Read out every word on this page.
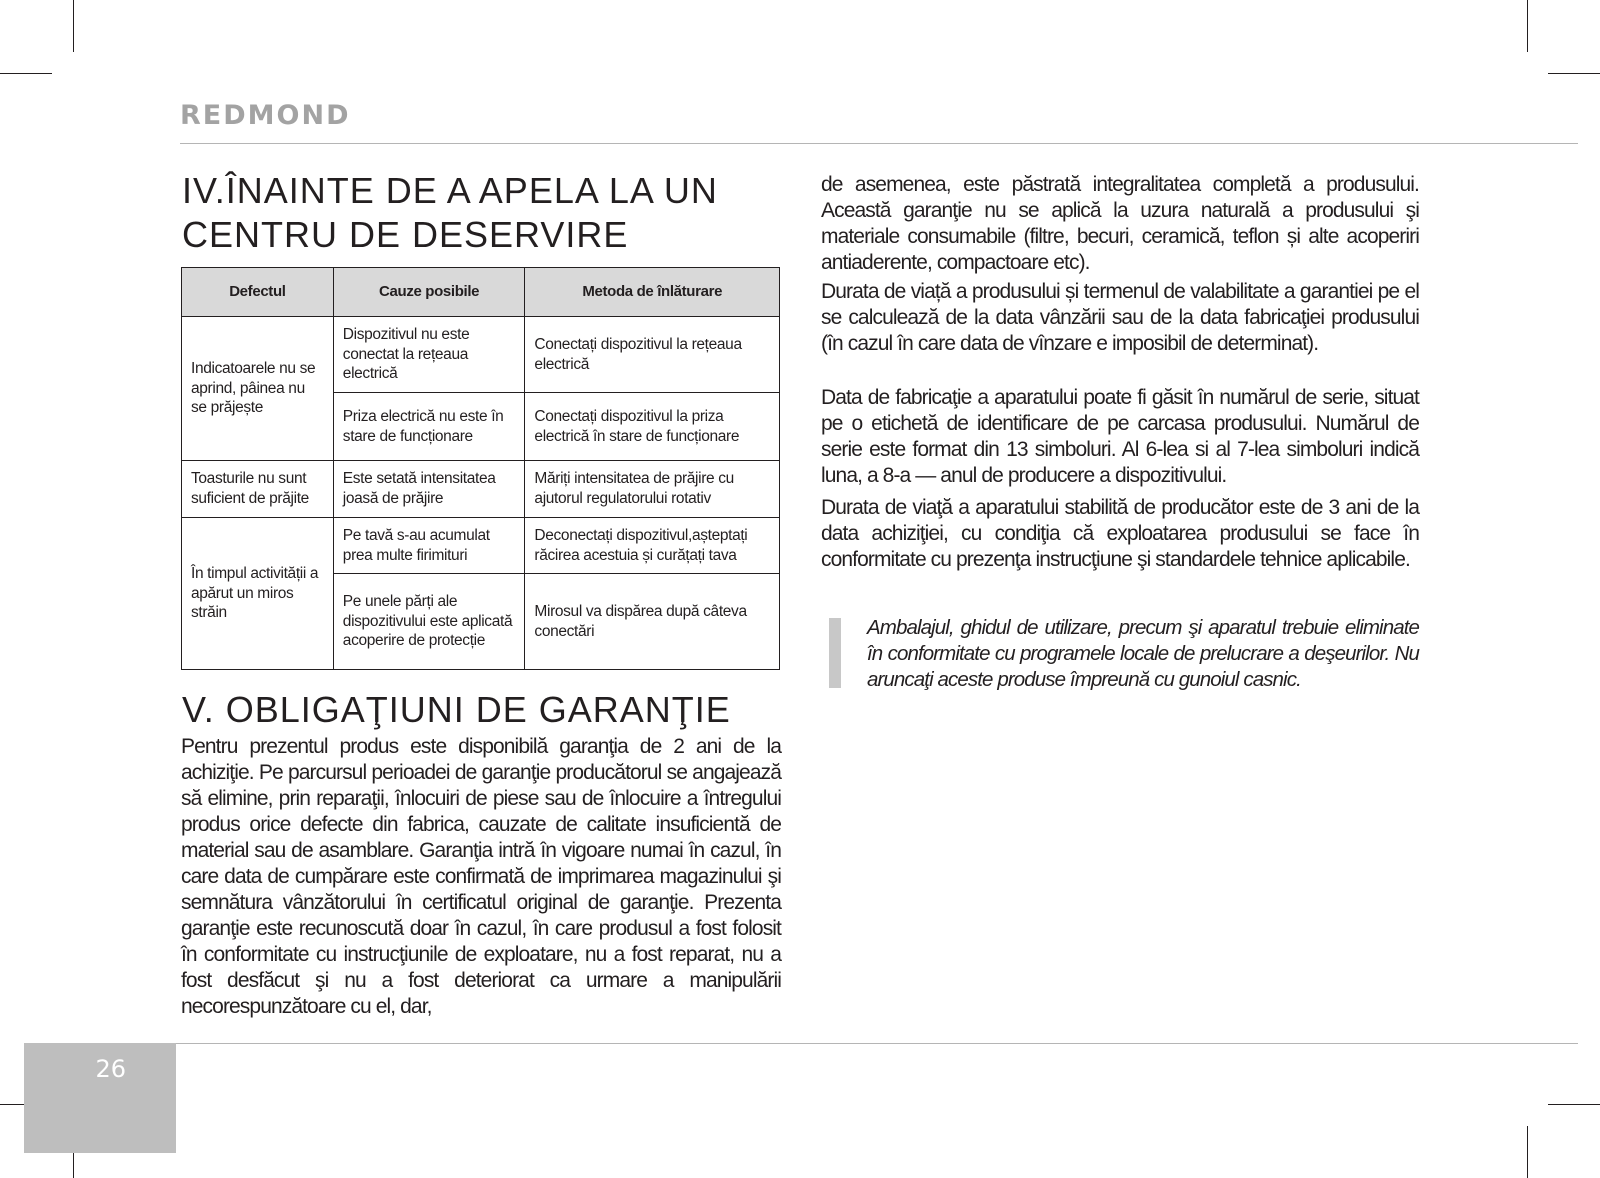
REDMOND
IV.ÎNAINTE DE A APELA LA UN CENTRU DE DESERVIRE
Defectul	Cauze posibile	Metoda de înlăturare
Indicatoarele nu se aprind, pâinea nu se prăjește	Dispozitivul nu este conectat la rețeaua electrică	Conectați dispozitivul la rețeaua electrică
	Priza electrică nu este în stare de funcționare	Conectați dispozitivul la priza electrică în stare de funcționare
Toasturile nu sunt suficient de prăjite	Este setată intensitatea joasă de prăjire	Măriți intensitatea de prăjire cu ajutorul regulatorului rotativ
În timpul activității a apărut un miros străin	Pe tavă s-au acumulat prea multe firimituri	Deconectați dispozitivul,așteptați răcirea acestuia și curățați tava
	Pe unele părți ale dispozitivului este aplicată acoperire de protecție	Mirosul va dispărea după câteva conectări
V. OBLIGAŢIUNI DE GARANŢIE

Pentru prezentul produs este disponibilă garanţia de 2 ani de la achiziţie. Pe parcursul perioadei de garanţie producătorul se angajează să elimine, prin reparaţii, înlocuiri de piese sau de înlocuire a întregului produs orice defecte din fabrica, cauzate de calitate insuficientă de material sau de asamblare. Garanţia intră în vigoare numai în cazul, în care data de cumpărare este confirmată de imprimarea magazinului şi semnătura vânzătorului în certificatul original de garanţie. Prezenta garanţie este recunoscută doar în cazul, în care produsul a fost folosit în conformitate cu instrucţiunile de exploatare, nu a fost reparat, nu a fost desfăcut şi nu a fost deteriorat ca urmare a manipulării necorespunzătoare cu el, dar,

de asemenea, este păstrată integralitatea completă a produsului. Această garanţie nu se aplică la uzura naturală a produsului şi materiale consumabile (filtre, becuri, ceramică, teflon și alte acoperiri antiaderente, compactoare etc).

Durata de viață a produsului și termenul de valabilitate a garantiei pe el se calculează de la data vânzării sau de la data fabricaţiei produsului (în cazul în care data de vînzare e imposibil de determinat).

Data de fabricaţie a aparatului poate fi găsit în numărul de serie, situat pe o etichetă de identificare de pe carcasa produsului. Numărul de serie este format din 13 simboluri. Al 6-lea si al 7-lea simboluri indică luna, a 8-a — anul de producere a dispozitivului.

Durata de viaţă a aparatului stabilită de producător este de 3 ani de la data achiziţiei, cu condiţia că exploatarea produsului se face în conformitate cu prezenţa instrucţiune şi standardele tehnice aplicabile.

Ambalajul, ghidul de utilizare, precum şi aparatul trebuie eliminate în conformitate cu programele locale de prelucrare a deşeurilor. Nu aruncaţi aceste produse împreună cu gunoiul casnic.

26
